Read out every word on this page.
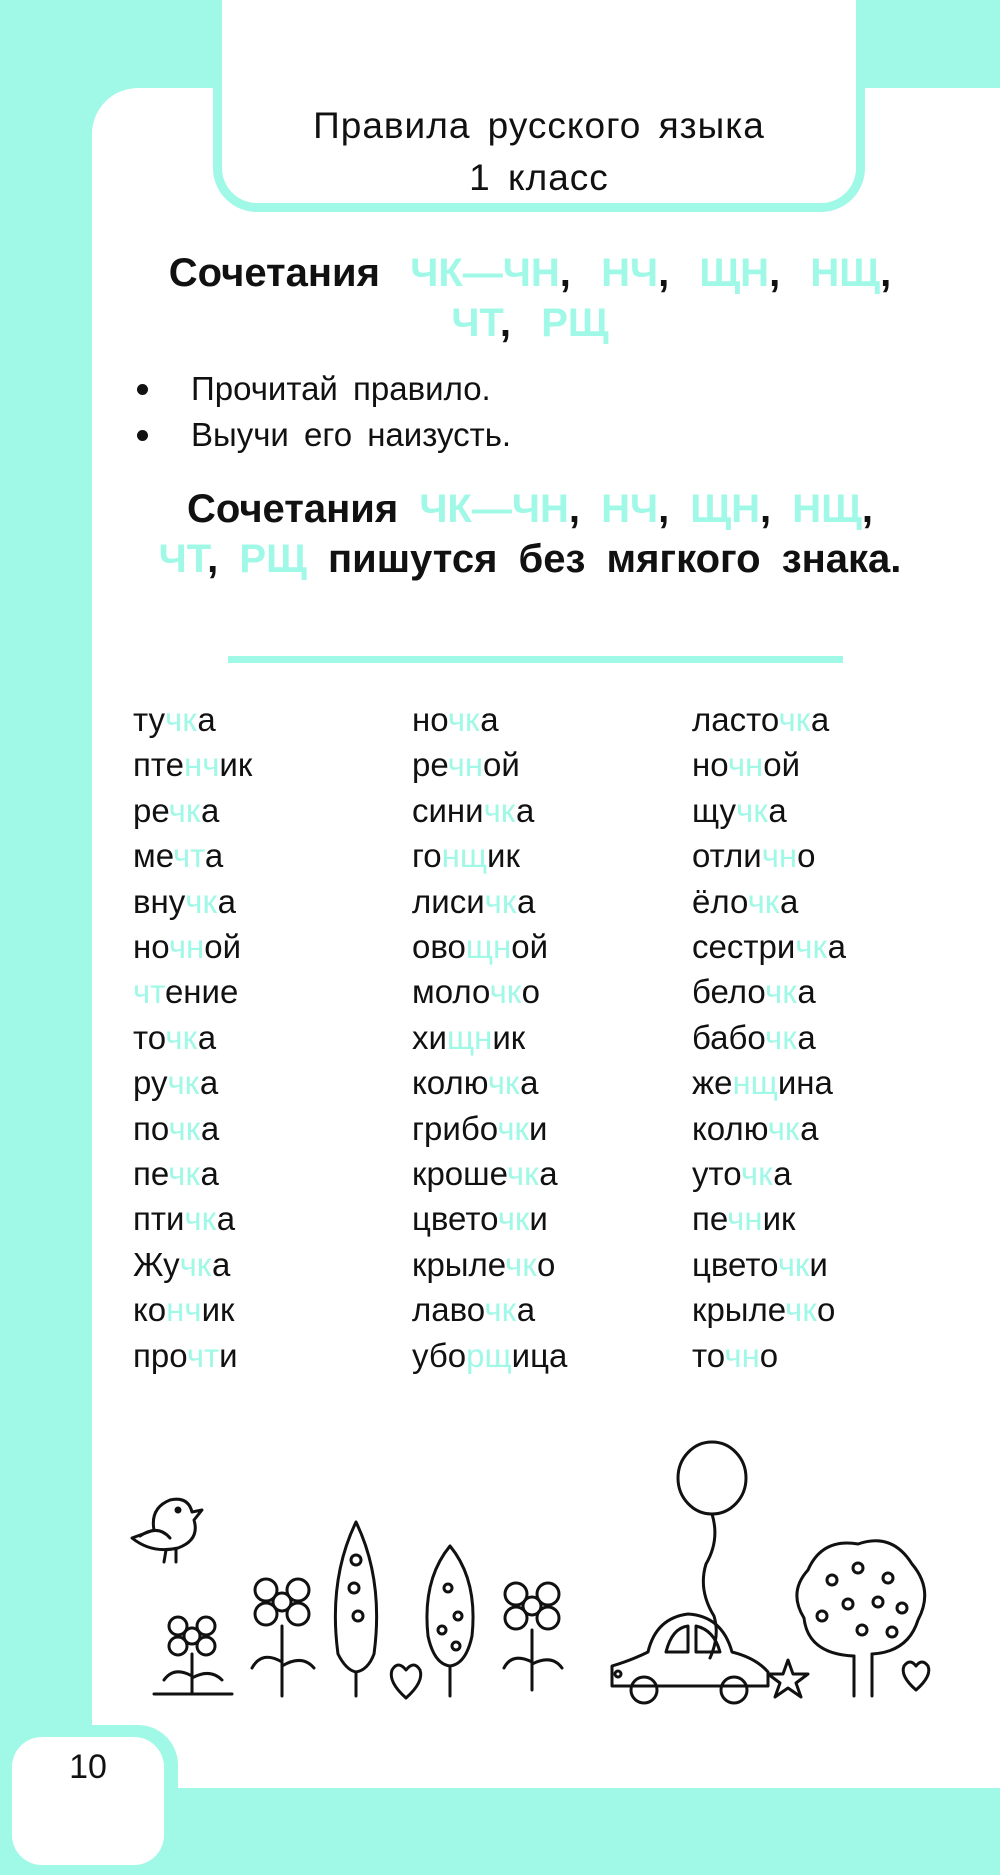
Правила русского языка
1 класс
Сочетания ЧК—ЧН,  НЧ,  ЩН,  НЩ,
ЧТ,  РЩ
Прочитай правило.
Выучи его наизусть.
Сочетания ЧК—ЧН, НЧ, ЩН, НЩ,
ЧТ, РЩ пишутся без мягкого знака.
тучка
птенчик
речка
мечта
внучка
ночной
чтение
точка
ручка
почка
печка
птичка
Жучка
кончик
прочти
ночка
речной
синичка
гонщик
лисичка
овощной
молочко
хищник
колючка
грибочки
крошечка
цветочки
крылечко
лавочка
уборщица
ласточка
ночной
щучка
отлично
ёлочка
сестричка
белочка
бабочка
женщина
колючка
уточка
печник
цветочки
крылечко
точно
10
